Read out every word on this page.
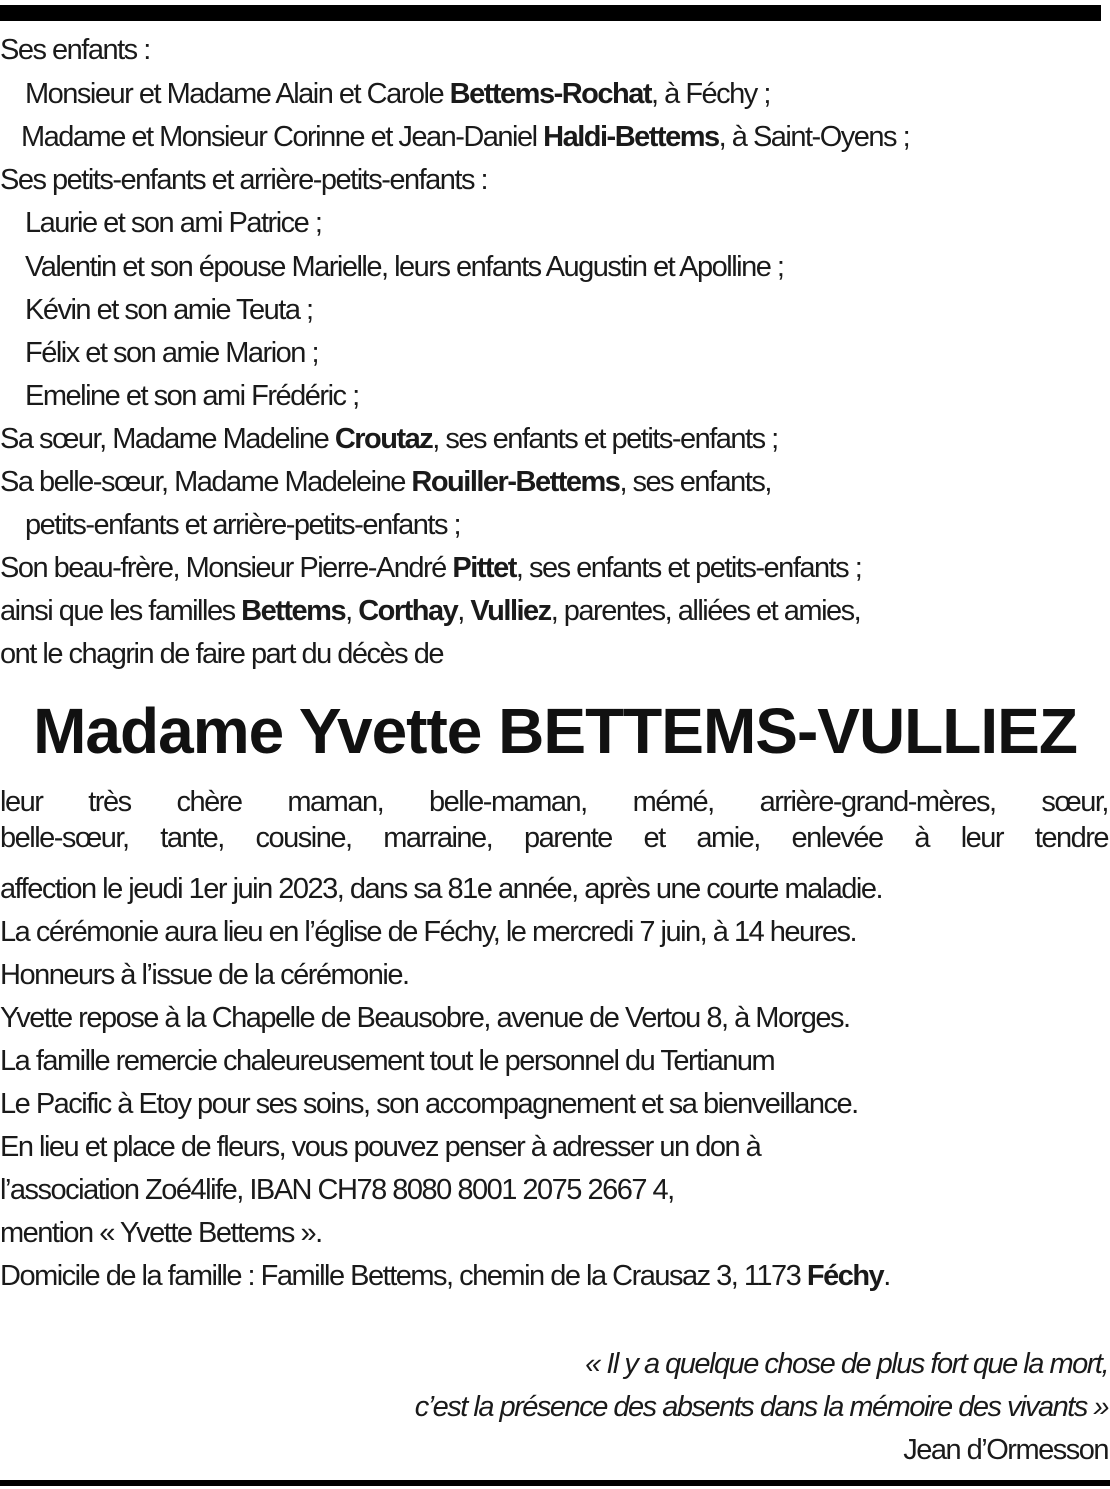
Ses enfants :
Monsieur et Madame Alain et Carole Bettems-Rochat, à Féchy ;
Madame et Monsieur Corinne et Jean-Daniel Haldi-Bettems, à Saint-Oyens ;
Ses petits-enfants et arrière-petits-enfants :
Laurie et son ami Patrice ;
Valentin et son épouse Marielle, leurs enfants Augustin et Apolline ;
Kévin et son amie Teuta ;
Félix et son amie Marion ;
Emeline et son ami Frédéric ;
Sa sœur, Madame Madeline Croutaz, ses enfants et petits-enfants ;
Sa belle-sœur, Madame Madeleine Rouiller-Bettems, ses enfants,
petits-enfants et arrière-petits-enfants ;
Son beau-frère, Monsieur Pierre-André Pittet, ses enfants et petits-enfants ;
ainsi que les familles Bettems, Corthay, Vulliez, parentes, alliées et amies,
ont le chagrin de faire part du décès de
Madame Yvette BETTEMS-VULLIEZ
leur très chère maman, belle-maman, mémé, arrière-grand-mères, sœur,
belle-sœur, tante, cousine, marraine, parente et amie, enlevée à leur tendre
affection le jeudi 1er juin 2023, dans sa 81e année, après une courte maladie.
La cérémonie aura lieu en l’église de Féchy, le mercredi 7 juin, à 14 heures.
Honneurs à l’issue de la cérémonie.
Yvette repose à la Chapelle de Beausobre, avenue de Vertou 8, à Morges.
La famille remercie chaleureusement tout le personnel du Tertianum
Le Pacific à Etoy pour ses soins, son accompagnement et sa bienveillance.
En lieu et place de fleurs, vous pouvez penser à adresser un don à
l’association Zoé4life, IBAN CH78 8080 8001 2075 2667 4,
mention « Yvette Bettems ».
Domicile de la famille : Famille Bettems, chemin de la Crausaz 3, 1173 Féchy.
« Il y a quelque chose de plus fort que la mort,
c’est la présence des absents dans la mémoire des vivants »
Jean d’Ormesson
